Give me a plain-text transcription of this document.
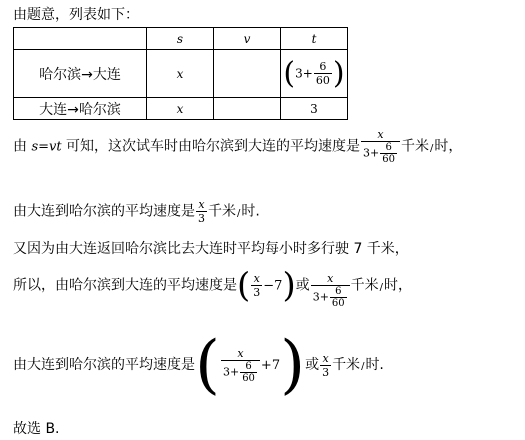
由题意，列表如下：
	s	v	t
哈尔滨→大连	x		($3+ \frac{6}{60}$ )
大连→哈尔滨	x		3
由 s=vt 可知，这次试车时由哈尔滨到大连的平均速度是 $\frac{x}{3+ \frac{6}{60}}$ 千米/时，
由大连到哈尔滨的平均速度是 $\frac{x}{3}$ 千米/时.
又因为由大连返回哈尔滨比去大连时平均每小时多行驶 7 千米，
所以，由哈尔滨到大连的平均速度是( $\frac{x}{3} -7$)或 $\frac{x}{3+ \frac{6}{60}}$ 千米/时，
由大连到哈尔滨的平均速度是( $\frac{x}{3+ \frac{6}{60}} +7$)或 $\frac{x}{3}$ 千米/时.
故选 B.
